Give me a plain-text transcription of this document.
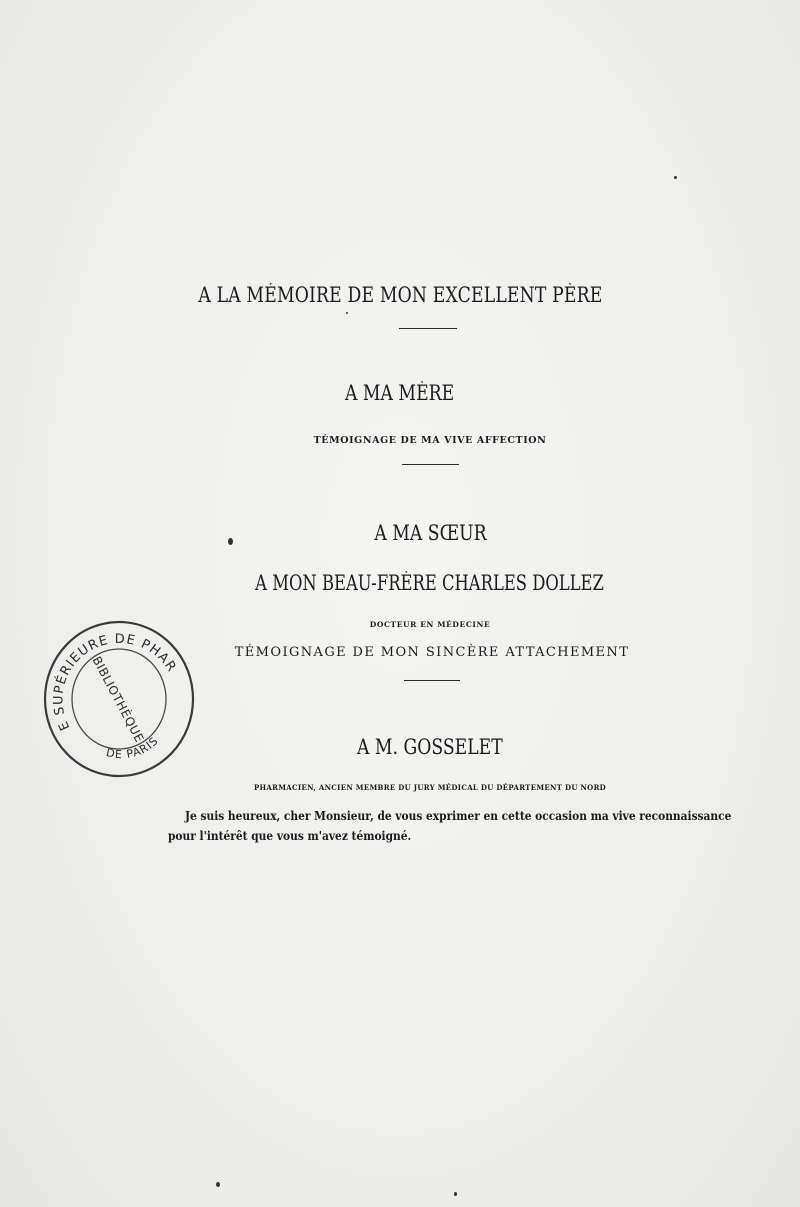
A LA MÉMOIRE DE MON EXCELLENT PÈRE
A MA MÈRE
TÉMOIGNAGE DE MA VIVE AFFECTION
A MA SŒUR
A MON BEAU-FRÈRE CHARLES DOLLEZ
DOCTEUR EN MÉDECINE
TÉMOIGNAGE DE MON SINCÈRE ATTACHEMENT
A M. GOSSELET
PHARMACIEN, ANCIEN MEMBRE DU JURY MÉDICAL DU DÉPARTEMENT DU NORD
Je suis heureux, cher Monsieur, de vous exprimer en cette occasion ma vive reconnaissance
pour l'intérêt que vous m'avez témoigné.
ÉCOLE SUPÉRIEURE DE PHARMACIE
DE PARIS
BIBLIOTHÈQUE
